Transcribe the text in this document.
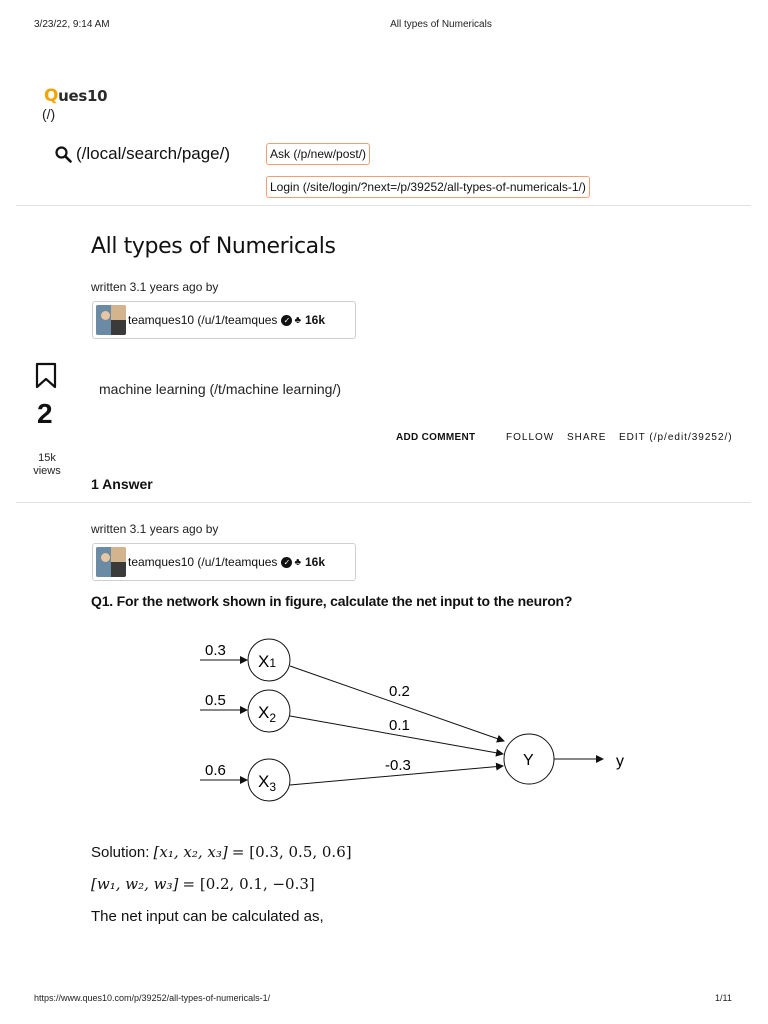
3/23/22, 9:14 AM	All types of Numericals
Ques10
(/)
(/local/search/page/)	Ask (/p/new/post/)
Login (/site/login/?next=/p/39252/all-types-of-numericals-1/)
All types of Numericals
written 3.1 years ago by
teamques10 (/u/1/teamques ✓ ♣ 16k
2
15k
views
machine learning (/t/machine learning/)
ADD COMMENT	FOLLOW SHARE EDIT (/p/edit/39252/)
1 Answer
written 3.1 years ago by
teamques10 (/u/1/teamques ✓ ♣ 16k
Q1. For the network shown in figure, calculate the net input to the neuron?
0.3
0.5
0.6
X1
$X_2$
$X_3$
0.2
0.1
-0.3	Y	y
Solution: [x₁, x₂, x₃] = [0.3, 0.5, 0.6]
[w₁, w₂, w₃] = [0.2, 0.1, −0.3]
The net input can be calculated as,
https://www.ques10.com/p/39252/all-types-of-numericals-1/	1/11
